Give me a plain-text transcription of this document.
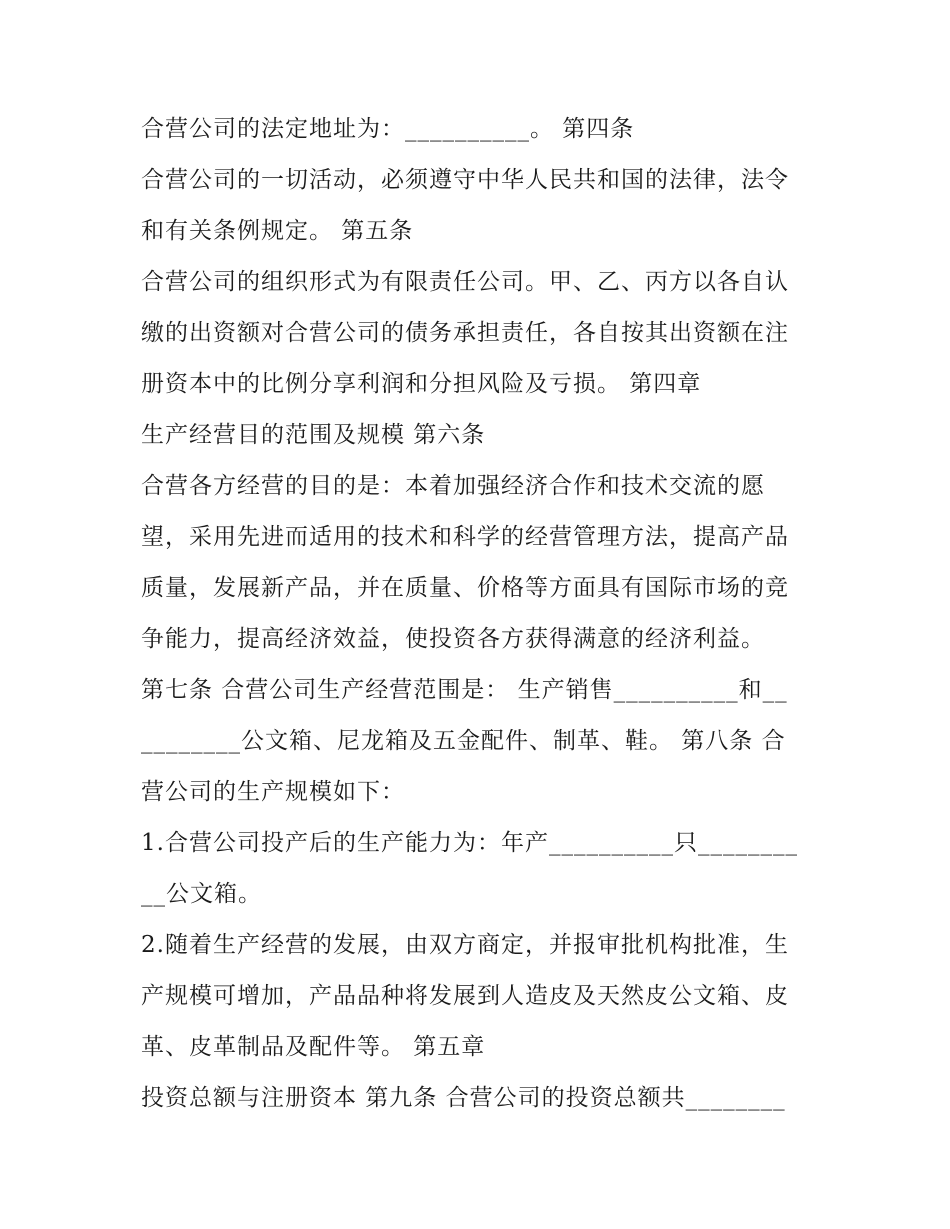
合营公司的法定地址为：__________。 第四条
合营公司的一切活动，必须遵守中华人民共和国的法律，法令
和有关条例规定。 第五条
合营公司的组织形式为有限责任公司。甲、乙、丙方以各自认
缴的出资额对合营公司的债务承担责任，各自按其出资额在注
册资本中的比例分享利润和分担风险及亏损。 第四章
生产经营目的范围及规模 第六条
合营各方经营的目的是：本着加强经济合作和技术交流的愿
望，采用先进而适用的技术和科学的经营管理方法，提高产品
质量，发展新产品，并在质量、价格等方面具有国际市场的竞
争能力，提高经济效益，使投资各方获得满意的经济利益。
第七条 合营公司生产经营范围是： 生产销售__________和__
________公文箱、尼龙箱及五金配件、制革、鞋。 第八条 合
营公司的生产规模如下：
1.合营公司投产后的生产能力为：年产__________只________
__公文箱。
2.随着生产经营的发展，由双方商定，并报审批机构批准，生
产规模可增加，产品品种将发展到人造皮及天然皮公文箱、皮
革、皮革制品及配件等。 第五章
投资总额与注册资本 第九条 合营公司的投资总额共________
